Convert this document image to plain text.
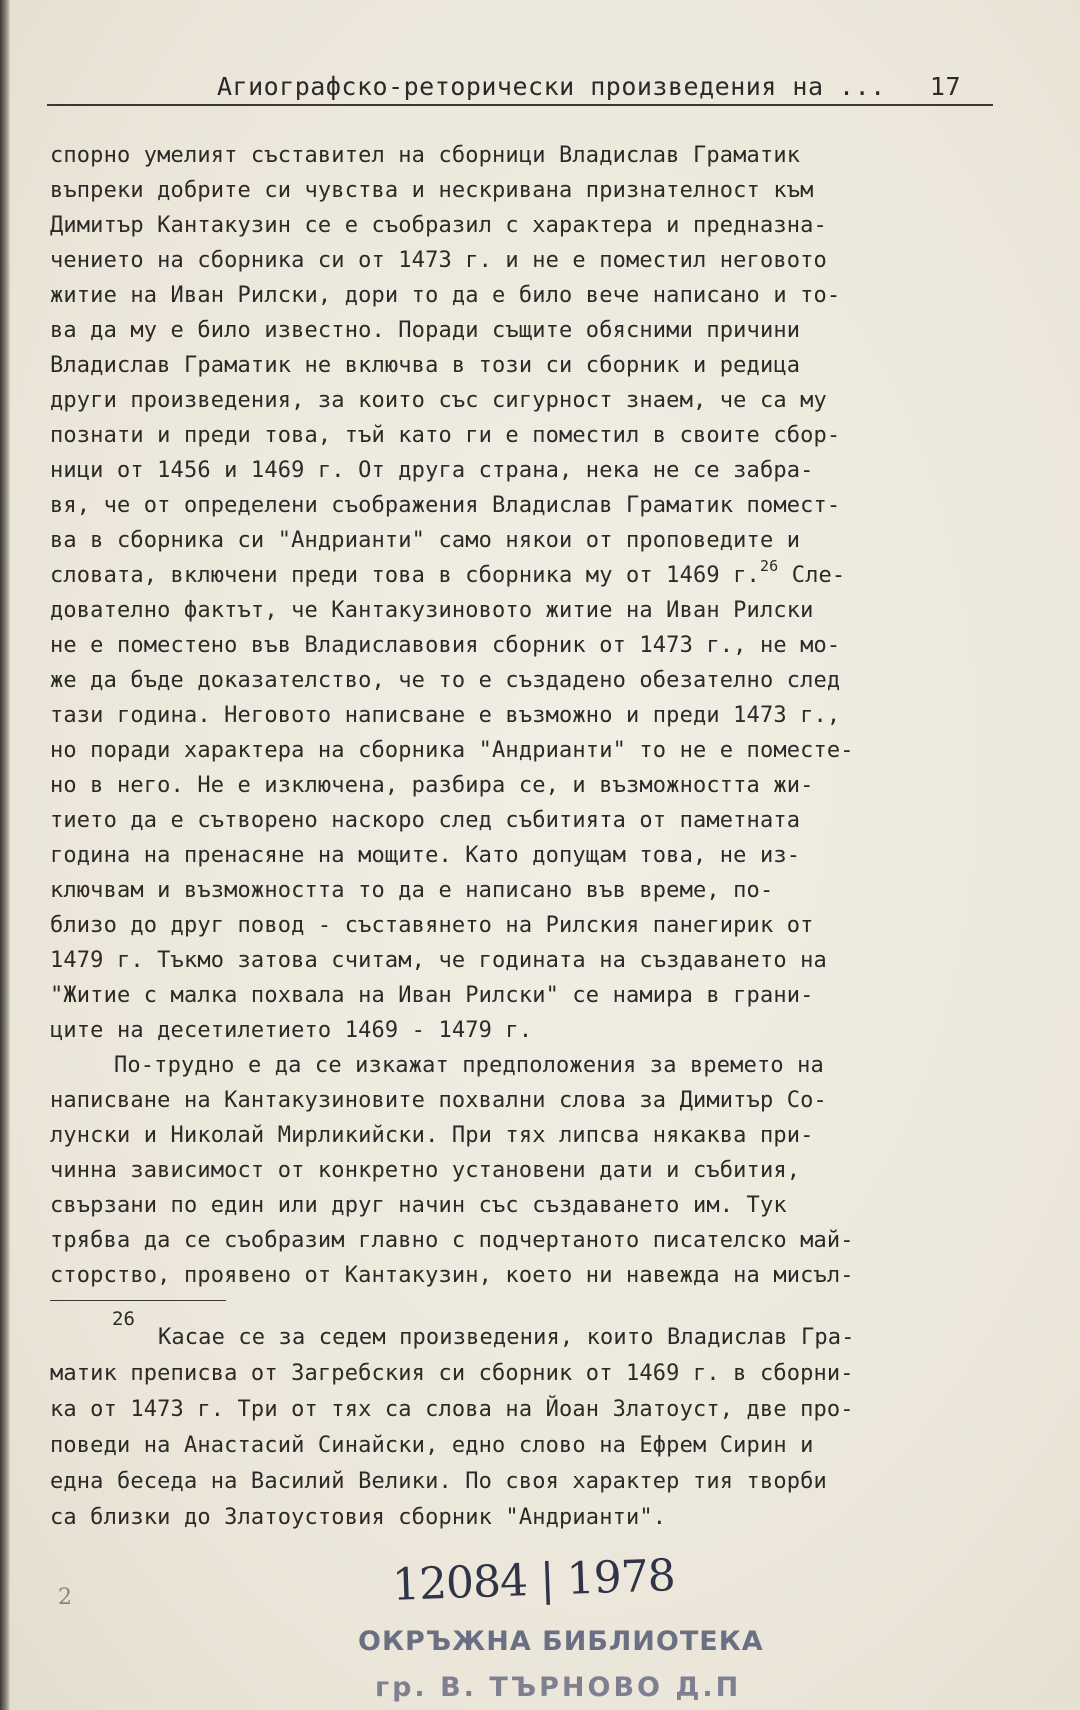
Агиографско-реторически произведения на ... 17
спорно умелият съставител на сборници Владислав Граматик
въпреки добрите си чувства и нескривана признателност към
Димитър Кантакузин се е съобразил с характера и предназна-
чението на сборника си от 1473 г. и не е поместил неговото
житие на Иван Рилски, дори то да е било вече написано и то-
ва да му е било известно. Поради същите обясними причини
Владислав Граматик не включва в този си сборник и редица
други произведения, за които със сигурност знаем, че са му
познати и преди това, тъй като ги е поместил в своите сбор-
ници от 1456 и 1469 г. От друга страна, нека не се забра-
вя, че от определени съображения Владислав Граматик помест-
ва в сборника си "Андрианти" само някои от проповедите и
словата, включени преди това в сборника му от 1469 г.$^{26}$ Сле-
дователно фактът, че Кантакузиновото житие на Иван Рилски
не е поместено във Владиславовия сборник от 1473 г., не мо-
же да бъде доказателство, че то е създадено обезателно след
тази година. Неговото написване е възможно и преди 1473 г.,
но поради характера на сборника "Андрианти" то не е поместе-
но в него. Не е изключена, разбира се, и възможността жи-
тието да е сътворено наскоро след събитията от паметната
година на пренасяне на мощите. Като допущам това, не из-
ключвам и възможността то да е написано във време, по-
близо до друг повод - съставянето на Рилския панегирик от
1479 г. Тъкмо затова считам, че годината на създаването на
"Житие с малка похвала на Иван Рилски" се намира в грани-
ците на десетилетието 1469 - 1479 г.
По-трудно е да се изкажат предположения за времето на
написване на Кантакузиновите похвални слова за Димитър Со-
лунски и Николай Мирликийски. При тях липсва някаква при-
чинна зависимост от конкретно установени дати и събития,
свързани по един или друг начин със създаването им. Тук
трябва да се съобразим главно с подчертаното писателско май-
сторство, проявено от Кантакузин, което ни навежда на мисъл-
26
Касае се за седем произведения, които Владислав Гра-
матик преписва от Загребския си сборник от 1469 г. в сборни-
ка от 1473 г. Три от тях са слова на Йоан Златоуст, две про-
поведи на Анастасий Синайски, едно слово на Ефрем Сирин и
една беседа на Василий Велики. По своя характер тия творби
са близки до Златоустовия сборник "Андрианти".
2	12084 | 1978
ОКРЪЖНА БИБЛИОТЕКА
гр. В. ТЪРНОВО Д.П
